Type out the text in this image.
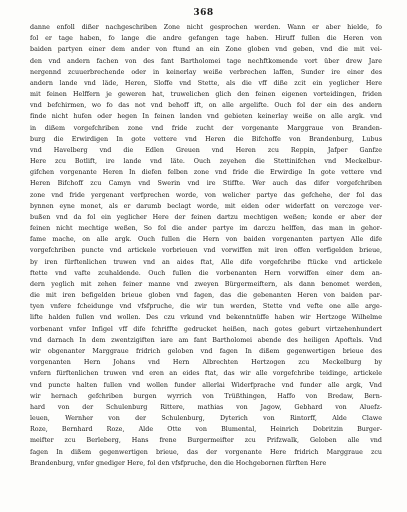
368
danne enfoll dißer nachgeschriben Zone nicht gesprochen werden. Wann er aber hielde, fo
fol er tage haben, fo lange die andre gefangen tage haben. Hiruff fullen die Heren von
baiden partyen einer dem ander von ftund an ein Zone globen vnd geben, vnd die mit vei-
den vnd andern fachen von des fant Bartholomei tage nechftkomende vort über drew Jare
nergennd zcuuerbrechende oder in keinerlay weiße verbrechen laffen, Sunder ire einer des
andern lande vnd läde, Heren, Sloffe vnd Stette, als die vff diße zcit ein yeglicher Here
mit feinen Helffern je geweren hat, truwelichen glich den feinen eigenen vorteidingen, friden
vnd befchirmen, wo fo das not vnd behoff ift, on alle argelifte. Ouch fol der ein des andern
finde nicht hufen oder hegen In feinen landen vnd gebieten keinerlay weiße on alle argk. vnd
in dißem vorgefchriben zone vnd fride zucht der vorgenante Marggraue von Branden-
burg die Erwirdigen In gote vettere vnd Heren die Bifchoffe von Brandenburg, Lubus
vnd Havelberg vnd die Edlen Greuen vnd Heren zcu Reppin, Jafper Ganfze
Here zcu Botlift, ire lande vnd läte. Ouch zeyehen die Stettinifchen vnd Meckelbur-
gifchen vorgenante Heren In diefen felben zone vnd fride die Erwirdige In gote vettere vnd
Heren Bifchoff zcu Camyn vnd Swerin vnd ire Stiffte. Wer auch das difer vorgefchriben
zone vnd fride yergenant verfprechen worde, von welicher partye das gefchehe, der fol das
bynnen eyne monet, als er darumb beclagt worde, mit eiden oder widerfatt on verczoge ver-
bußen vnd da fol ein yeglicher Here der feinen dartzu mechtigen weßen; konde er aber der
feinen nicht mechtige weßen, So fol die ander partye im darczu helffen, das man in gehor-
fame mache, on alle argk. Ouch fullen die Hern von baiden vorgenanten partyen Alle dife
vorgefchriben puncte vnd artickele vorbrieuen vnd vorwiffen mit iren offen verfigelden brieue,
by iren fürftenlichen truwen vnd an aides ftat, Alle dife vorgefchribe ftücke vnd artickele
ftette vnd vafte zcuhaldende. Ouch fullen die vorbenanten Hern vorwiffen einer dem an-
dern yeglich mit zehen feiner manne vnd zweyen Bürgermeiftern, als dann benomet werden,
die mit iren befigelden brieue globen vnd fagen, das die gebenanten Heren von baiden par-
tyen vnfere fcheidunge vnd vfsfpruche, die wir tun werden, Stette vnd vefte one alle arge-
lifte halden fullen vnd wollen. Des czu vrkund vnd bekenntnüffe haben wir Hertzoge Wilhelme
vorbenant vnfer Infigel vff dife fchriffte gedrucket heißen, nach gotes geburt virtzehenhundert
vnd darnach In dem zwentzigiften iare am fant Bartholomei abende des heiligen Apoftels. Vnd
wir obgenanter Marggraue fridrich geloben vnd fagen In dißem gegenwertigen brieue des
vorgenanten Hern Johans vnd Hern Albrechten Hertzogen zcu Meckelburg by
vnfern fürftenlichen truwen vnd eren an eides ftat, das wir alle vorgefchribe teidinge, artickele
vnd puncte halten fullen vnd wollen funder allerlai Widerfprache vnd funder alle argk, Vnd
wir hernach gefchriben burgen wyrrich von Trüßthingen, Haffo von Bredaw, Bern-
hard von der Schulenburg Rittere, mathias von Jagow, Gebhard von Aluefz-
leuen, Wernher von der Schulenburg, Dyterich von Rintorff, Alde Clawe
Roze, Bernhard Roze, Alde Otte von Blumental, Heinrich Dobritzin Burger-
meifter zcu Berleberg, Hans frene Burgermeifter zcu Prifzwalk, Geloben alle vnd
fagen In dißem gegenwertigen brieue, das der vorgenante Here fridrich Marggraue zcu
Brandenburg, vnfer gnediger Here, fol den vfsfpruche, den die Hochgebornen fürften Here
